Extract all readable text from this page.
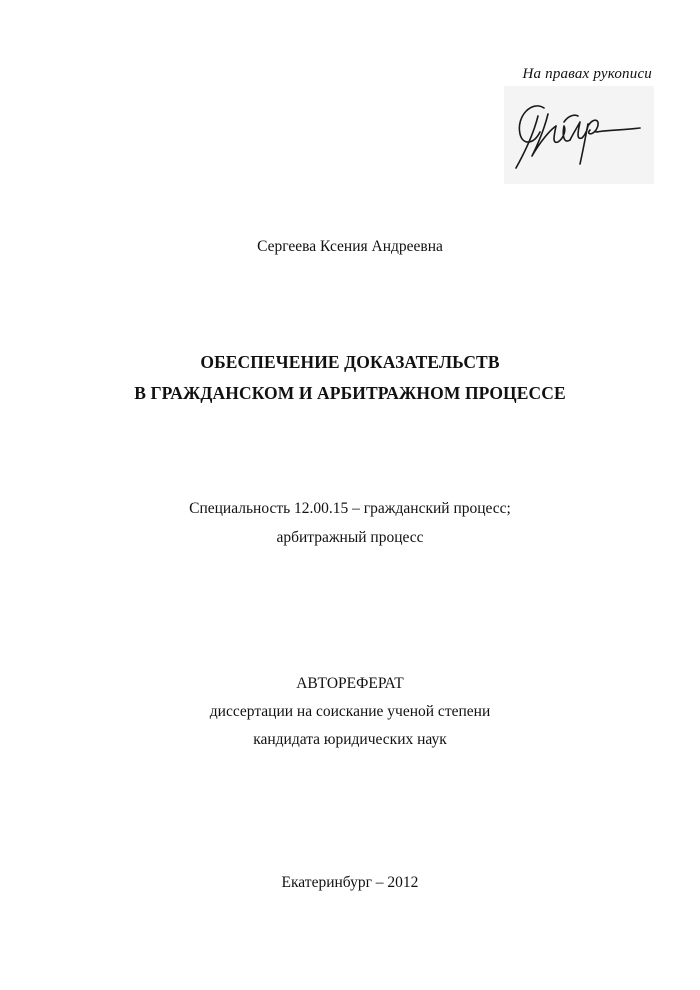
На правах рукописи
Сергеева Ксения Андреевна
ОБЕСПЕЧЕНИЕ ДОКАЗАТЕЛЬСТВ
В ГРАЖДАНСКОМ И АРБИТРАЖНОМ ПРОЦЕССЕ
Специальность 12.00.15 – гражданский процесс;
арбитражный процесс
АВТОРЕФЕРАТ
диссертации на соискание ученой степени
кандидата юридических наук
Екатеринбург – 2012
